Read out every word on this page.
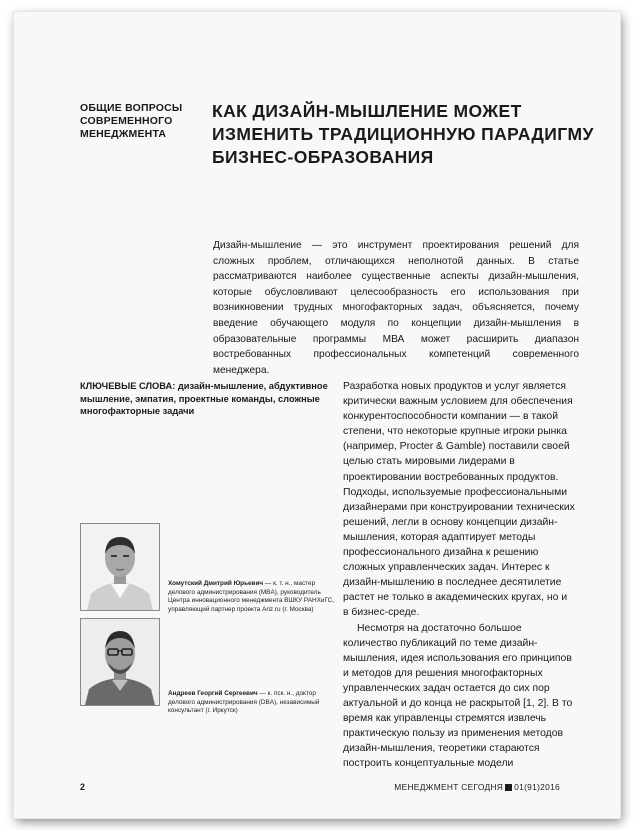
ОБЩИЕ ВОПРОСЫ
СОВРЕМЕННОГО
МЕНЕДЖМЕНТА
КАК ДИЗАЙН-МЫШЛЕНИЕ МОЖЕТ
ИЗМЕНИТЬ ТРАДИЦИОННУЮ ПАРАДИГМУ
БИЗНЕС-ОБРАЗОВАНИЯ
Дизайн-мышление — это инструмент проектирования решений для сложных проблем, отличающихся неполнотой данных. В статье рассматриваются наиболее существенные аспекты дизайн-мышления, которые обусловливают целесообразность его использования при возникновении трудных многофакторных задач, объясняется, почему введение обучающего модуля по концепции дизайн-мышления в образовательные программы МВА может расширить диапазон востребованных профессиональных компетенций современного менеджера.
КЛЮЧЕВЫЕ СЛОВА: дизайн-мышление, абдуктивное мышление, эмпатия, проектные команды, сложные многофакторные задачи

Разработка новых продуктов и услуг является критически важным условием для обеспечения конкурентоспособности компании — в такой степени, что некоторые крупные игроки рынка (например, Procter & Gamble) поставили своей целью стать мировыми лидерами в проектировании востребованных продуктов. Подходы, используемые профессиональными дизайнерами при конструировании технических решений, легли в основу концепции дизайн-мышления, которая адаптирует методы профессионального дизайна к решению сложных управленческих задач. Интерес к дизайн-мышлению в последнее десятилетие растет не только в академических кругах, но и в бизнес-среде.

Несмотря на достаточно большое количество публикаций по теме дизайн-мышления, идея использования его принципов и методов для решения многофакторных управленческих задач остается до сих пор актуальной и до конца не раскрытой [1, 2]. В то время как управленцы стремятся извлечь практическую пользу из применения методов дизайн-мышления, теоретики стараются построить концептуальные модели

Хомутский Дмитрий Юрьевич — к. т. н., мастер делового администрирования (MBA), руководитель Центра инновационного менеджмента ВШКУ РАНХиГС, управляющий партнер проекта Ariz.ru (г. Москва)
Андреев Георгий Сергеевич — к. пск. н., доктор делового администрирования (DBA), независимый консультант (г. Иркутск)
2	МЕНЕДЖМЕНТ СЕГОДНЯ 01(91)2016
